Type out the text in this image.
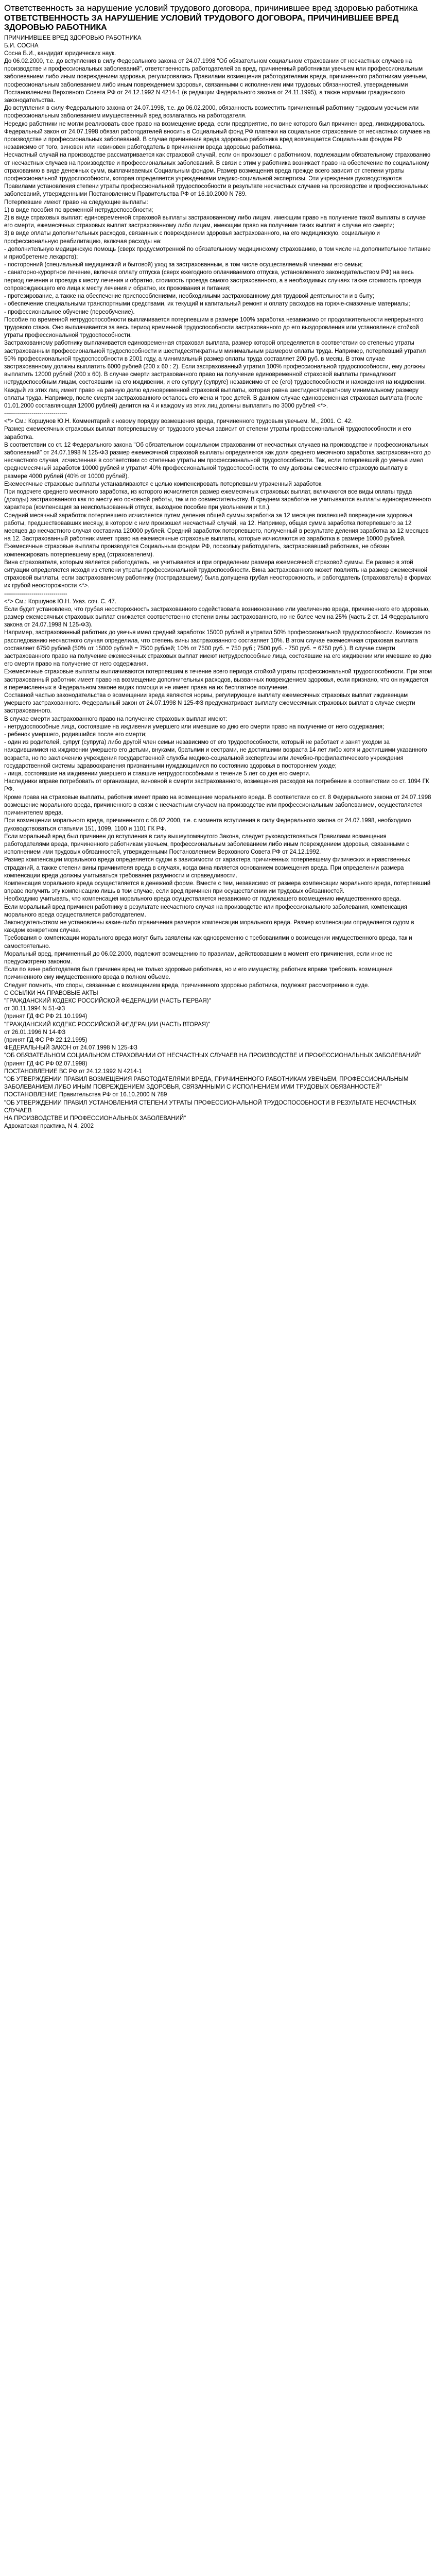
Ответственность за нарушение условий трудового договора, причинившее вред здоровью работника
ОТВЕТСТВЕННОСТЬ ЗА НАРУШЕНИЕ УСЛОВИЙ ТРУДОВОГО ДОГОВОРА, ПРИЧИНИВШЕЕ ВРЕД ЗДОРОВЬЮ РАБОТНИКА

ПРИЧИНИВШЕЕ ВРЕД ЗДОРОВЬЮ РАБОТНИКА

Б.И. СОСНА

Сосна Б.И., кандидат юридических наук.

До 06.02.2000, т.е. до вступления в силу Федерального закона от 24.07.1998 "Об обязательном социальном страховании от несчастных случаев на производстве и профессиональных заболеваний", ответственность работодателей за вред, причиненный работникам увечьем или профессиональным заболеванием либо иным повреждением здоровья, регулировалась Правилами возмещения работодателями вреда, причиненного работникам увечьем, профессиональным заболеванием либо иным повреждением здоровья, связанными с исполнением ими трудовых обязанностей, утвержденными Постановлением Верховного Совета РФ от 24.12.1992 N 4214-1 (в редакции Федерального закона от 24.11.1995), а также нормами гражданского законодательства.

До вступления в силу Федерального закона от 24.07.1998, т.е. до 06.02.2000, обязанность возместить причиненный работнику трудовым увечьем или профессиональным заболеванием имущественный вред возлагалась на работодателя.

Нередко работники не могли реализовать свое право на возмещение вреда, если предприятие, по вине которого был причинен вред, ликвидировалось. Федеральный закон от 24.07.1998 обязал работодателей вносить в Социальный фонд РФ платежи на социальное страхование от несчастных случаев на производстве и профессиональных заболеваний. В случае причинения вреда здоровью работника вред возмещается Социальным фондом РФ независимо от того, виновен или невиновен работодатель в причинении вреда здоровью работника.

Несчастный случай на производстве рассматривается как страховой случай, если он произошел с работником, подлежащим обязательному страхованию от несчастных случаев на производстве и профессиональных заболеваний. В связи с этим у работника возникает право на обеспечение по социальному страхованию в виде денежных сумм, выплачиваемых Социальным фондом. Размер возмещения вреда прежде всего зависит от степени утраты профессиональной трудоспособности, которая определяется учреждениями медико-социальной экспертизы. Эти учреждения руководствуются Правилами установления степени утраты профессиональной трудоспособности в результате несчастных случаев на производстве и профессиональных заболеваний, утвержденными Постановлением Правительства РФ от 16.10.2000 N 789.

Потерпевшие имеют право на следующие выплаты:

1) в виде пособия по временной нетрудоспособности;

2) в виде страховых выплат: единовременной страховой выплаты застрахованному либо лицам, имеющим право на получение такой выплаты в случае его смерти, ежемесячных страховых выплат застрахованному либо лицам, имеющим право на получение таких выплат в случае его смерти;

3) в виде оплаты дополнительных расходов, связанных с повреждением здоровья застрахованного, на его медицинскую, социальную и профессиональную реабилитацию, включая расходы на:

- дополнительную медицинскую помощь (сверх предусмотренной по обязательному медицинскому страхованию, в том числе на дополнительное питание и приобретение лекарств);

- посторонний (специальный медицинский и бытовой) уход за застрахованным, в том числе осуществляемый членами его семьи;

- санаторно-курортное лечение, включая оплату отпуска (сверх ежегодного оплачиваемого отпуска, установленного законодательством РФ) на весь период лечения и проезда к месту лечения и обратно, стоимость проезда самого застрахованного, а в необходимых случаях также стоимость проезда сопровождающего его лица к месту лечения и обратно, их проживания и питания;

- протезирование, а также на обеспечение приспособлениями, необходимыми застрахованному для трудовой деятельности и в быту;

- обеспечение специальными транспортными средствами, их текущий и капитальный ремонт и оплату расходов на горюче-смазочные материалы;

- профессиональное обучение (переобучение).

Пособие по временной нетрудоспособности выплачивается потерпевшим в размере 100% заработка независимо от продолжительности непрерывного трудового стажа. Оно выплачивается за весь период временной трудоспособности застрахованного до его выздоровления или установления стойкой утраты профессиональной трудоспособности.

Застрахованному работнику выплачивается единовременная страховая выплата, размер которой определяется в соответствии со степенью утраты застрахованным профессиональной трудоспособности и шестидесятикратным минимальным размером оплаты труда. Например, потерпевший утратил 50% профессиональной трудоспособности в 2001 году, а минимальный размер оплаты труда составляет 200 руб. в месяц. В этом случае застрахованному должны выплатить 6000 рублей (200 x 60 : 2). Если застрахованный утратил 100% профессиональной трудоспособности, ему должны выплатить 12000 рублей (200 x 60). В случае смерти застрахованного право на получение единовременной страховой выплаты принадлежит нетрудоспособным лицам, состоявшим на его иждивении, и его супругу (супруге) независимо от ее (его) трудоспособности и нахождения на иждивении. Каждый из этих лиц имеет право на равную долю единовременной страховой выплаты, которая равна шестидесятикратному минимальному размеру оплаты труда. Например, после смерти застрахованного осталось его жена и трое детей. В данном случае единовременная страховая выплата (после 01.01.2000 составляющая 12000 рублей) делится на 4 и каждому из этих лиц должны выплатить по 3000 рублей <*>.

--------------------------------

<*> См.: Коршунов Ю.Н. Комментарий к новому порядку возмещения вреда, причиненного трудовым увечьем. М., 2001. С. 42.

Размер ежемесячных страховых выплат потерпевшему от трудового увечья зависит от степени утраты профессиональной трудоспособности и его заработка.

В соответствии со ст. 12 Федерального закона "Об обязательном социальном страховании от несчастных случаев на производстве и профессиональных заболеваний" от 24.07.1998 N 125-ФЗ размер ежемесячной страховой выплаты определяется как доля среднего месячного заработка застрахованного до несчастного случая, исчисленная в соответствии со степенью утраты им профессиональной трудоспособности. Так, если потерпевший до увечья имел среднемесячный заработок 10000 рублей и утратил 40% профессиональной трудоспособности, то ему должны ежемесячно страховую выплату в размере 4000 рублей (40% от 10000 рублей).

Ежемесячные страховые выплаты устанавливаются с целью компенсировать потерпевшим утраченный заработок.

При подсчете среднего месячного заработка, из которого исчисляется размер ежемесячных страховых выплат, включаются все виды оплаты труда (доходы) застрахованного как по месту его основной работы, так и по совместительству. В среднем заработке не учитываются выплаты единовременного характера (компенсация за неиспользованный отпуск, выходное пособие при увольнении и т.п.).

Средний месячный заработок потерпевшего исчисляется путем деления общей суммы заработка за 12 месяцев повлекшей повреждение здоровья работы, предшествовавших месяцу, в котором с ним произошел несчастный случай, на 12. Например, общая сумма заработка потерпевшего за 12 месяцев до несчастного случая составила 120000 рублей. Средний заработок потерпевшего, полученный в результате деления заработка за 12 месяцев на 12. Застрахованный работник имеет право на ежемесячные страховые выплаты, которые исчисляются из заработка в размере 10000 рублей. Ежемесячные страховые выплаты производятся Социальным фондом РФ, поскольку работодатель, застраховавший работника, не обязан компенсировать потерпевшему вред (страхователем).

Вина страхователя, которым является работодатель, не учитывается и при определении размера ежемесячной страховой суммы. Ее размер в этой ситуации определяется исходя из степени утраты профессиональной трудоспособности. Вина застрахованного может повлиять на размер ежемесячной страховой выплаты, если застрахованному работнику (пострадавшему) была допущена грубая неосторожность, и работодатель (страхователь) в формах их грубой неосторожности <*>.

--------------------------------

<*> См.: Коршунов Ю.Н. Указ. соч. С. 47.

Если будет установлено, что грубая неосторожность застрахованного содействовала возникновению или увеличению вреда, причиненного его здоровью, размер ежемесячных страховых выплат снижается соответственно степени вины застрахованного, но не более чем на 25% (часть 2 ст. 14 Федерального закона от 24.07.1998 N 125-ФЗ).

Например, застрахованный работник до увечья имел средний заработок 15000 рублей и утратил 50% профессиональной трудоспособности. Комиссия по расследованию несчастного случая определила, что степень вины застрахованного составляет 10%. В этом случае ежемесячная страховая выплата составляет 6750 рублей (50% от 15000 рублей = 7500 рублей; 10% от 7500 руб. = 750 руб.; 7500 руб. - 750 руб. = 6750 руб.). В случае смерти застрахованного право на получение ежемесячных страховых выплат имеют нетрудоспособные лица, состоявшие на его иждивении или имевшие ко дню его смерти право на получение от него содержания.

Ежемесячные страховые выплаты выплачиваются потерпевшим в течение всего периода стойкой утраты профессиональной трудоспособности. При этом застрахованный работник имеет право на возмещение дополнительных расходов, вызванных повреждением здоровья, если признано, что он нуждается в перечисленных в Федеральном законе видах помощи и не имеет права на их бесплатное получение.

Составной частью законодательства о возмещении вреда являются нормы, регулирующие выплату ежемесячных страховых выплат иждивенцам умершего застрахованного. Федеральный закон от 24.07.1998 N 125-ФЗ предусматривает выплату ежемесячных страховых выплат в случае смерти застрахованного.

В случае смерти застрахованного право на получение страховых выплат имеют:

- нетрудоспособные лица, состоявшие на иждивении умершего или имевшие ко дню его смерти право на получение от него содержания;

- ребенок умершего, родившийся после его смерти;

- один из родителей, супруг (супруга) либо другой член семьи независимо от его трудоспособности, который не работает и занят уходом за находившимися на иждивении умершего его детьми, внуками, братьями и сестрами, не достигшими возраста 14 лет либо хотя и достигшими указанного возраста, но по заключению учреждения государственной службы медико-социальной экспертизы или лечебно-профилактического учреждения государственной системы здравоохранения признанными нуждающимися по состоянию здоровья в постороннем уходе;

- лица, состоявшие на иждивении умершего и ставшие нетрудоспособными в течение 5 лет со дня его смерти.

Наследники вправе потребовать от организации, виновной в смерти застрахованного, возмещения расходов на погребение в соответствии со ст. 1094 ГК РФ.

Кроме права на страховые выплаты, работник имеет право на возмещение морального вреда. В соответствии со ст. 8 Федерального закона от 24.07.1998 возмещение морального вреда, причиненного в связи с несчастным случаем на производстве или профессиональным заболеванием, осуществляется причинителем вреда.

При возмещении морального вреда, причиненного с 06.02.2000, т.е. с момента вступления в силу Федерального закона от 24.07.1998, необходимо руководствоваться статьями 151, 1099, 1100 и 1101 ГК РФ.

Если моральный вред был причинен до вступления в силу вышеупомянутого Закона, следует руководствоваться Правилами возмещения работодателями вреда, причиненного работникам увечьем, профессиональным заболеванием либо иным повреждением здоровья, связанными с исполнением ими трудовых обязанностей, утвержденными Постановлением Верховного Совета РФ от 24.12.1992.

Размер компенсации морального вреда определяется судом в зависимости от характера причиненных потерпевшему физических и нравственных страданий, а также степени вины причинителя вреда в случаях, когда вина является основанием возмещения вреда. При определении размера компенсации вреда должны учитываться требования разумности и справедливости.

Компенсация морального вреда осуществляется в денежной форме. Вместе с тем, независимо от размера компенсации морального вреда, потерпевший вправе получить эту компенсацию лишь в том случае, если вред причинен при осуществлении им трудовых обязанностей.

Необходимо учитывать, что компенсация морального вреда осуществляется независимо от подлежащего возмещению имущественного вреда.

Если моральный вред причинен работнику в результате несчастного случая на производстве или профессионального заболевания, компенсация морального вреда осуществляется работодателем.

Законодательством не установлены какие-либо ограничения размеров компенсации морального вреда. Размер компенсации определяется судом в каждом конкретном случае.

Требования о компенсации морального вреда могут быть заявлены как одновременно с требованиями о возмещении имущественного вреда, так и самостоятельно.

Моральный вред, причиненный до 06.02.2000, подлежит возмещению по правилам, действовавшим в момент его причинения, если иное не предусмотрено законом.

Если по вине работодателя был причинен вред не только здоровью работника, но и его имуществу, работник вправе требовать возмещения причиненного ему имущественного вреда в полном объеме.

Следует помнить, что споры, связанные с возмещением вреда, причиненного здоровью работника, подлежат рассмотрению в суде.

С ССЫЛКИ НА ПРАВОВЫЕ АКТЫ

"ГРАЖДАНСКИЙ КОДЕКС РОССИЙСКОЙ ФЕДЕРАЦИИ (ЧАСТЬ ПЕРВАЯ)"

от 30.11.1994 N 51-ФЗ

(принят ГД ФС РФ 21.10.1994)

"ГРАЖДАНСКИЙ КОДЕКС РОССИЙСКОЙ ФЕДЕРАЦИИ (ЧАСТЬ ВТОРАЯ)"

от 26.01.1996 N 14-ФЗ

(принят ГД ФС РФ 22.12.1995)

ФЕДЕРАЛЬНЫЙ ЗАКОН от 24.07.1998 N 125-ФЗ

"ОБ ОБЯЗАТЕЛЬНОМ СОЦИАЛЬНОМ СТРАХОВАНИИ ОТ НЕСЧАСТНЫХ СЛУЧАЕВ НА ПРОИЗВОДСТВЕ И ПРОФЕССИОНАЛЬНЫХ ЗАБОЛЕВАНИЙ"

(принят ГД ФС РФ 02.07.1998)

ПОСТАНОВЛЕНИЕ ВС РФ от 24.12.1992 N 4214-1

"ОБ УТВЕРЖДЕНИИ ПРАВИЛ ВОЗМЕЩЕНИЯ РАБОТОДАТЕЛЯМИ ВРЕДА, ПРИЧИНЕННОГО РАБОТНИКАМ УВЕЧЬЕМ, ПРОФЕССИОНАЛЬНЫМ ЗАБОЛЕВАНИЕМ ЛИБО ИНЫМ ПОВРЕЖДЕНИЕМ ЗДОРОВЬЯ, СВЯЗАННЫМИ С ИСПОЛНЕНИЕМ ИМИ ТРУДОВЫХ ОБЯЗАННОСТЕЙ"

ПОСТАНОВЛЕНИЕ Правительства РФ от 16.10.2000 N 789

"ОБ УТВЕРЖДЕНИИ ПРАВИЛ УСТАНОВЛЕНИЯ СТЕПЕНИ УТРАТЫ ПРОФЕССИОНАЛЬНОЙ ТРУДОСПОСОБНОСТИ В РЕЗУЛЬТАТЕ НЕСЧАСТНЫХ СЛУЧАЕВ

НА ПРОИЗВОДСТВЕ И ПРОФЕССИОНАЛЬНЫХ ЗАБОЛЕВАНИЙ"

Адвокатская практика, N 4, 2002
